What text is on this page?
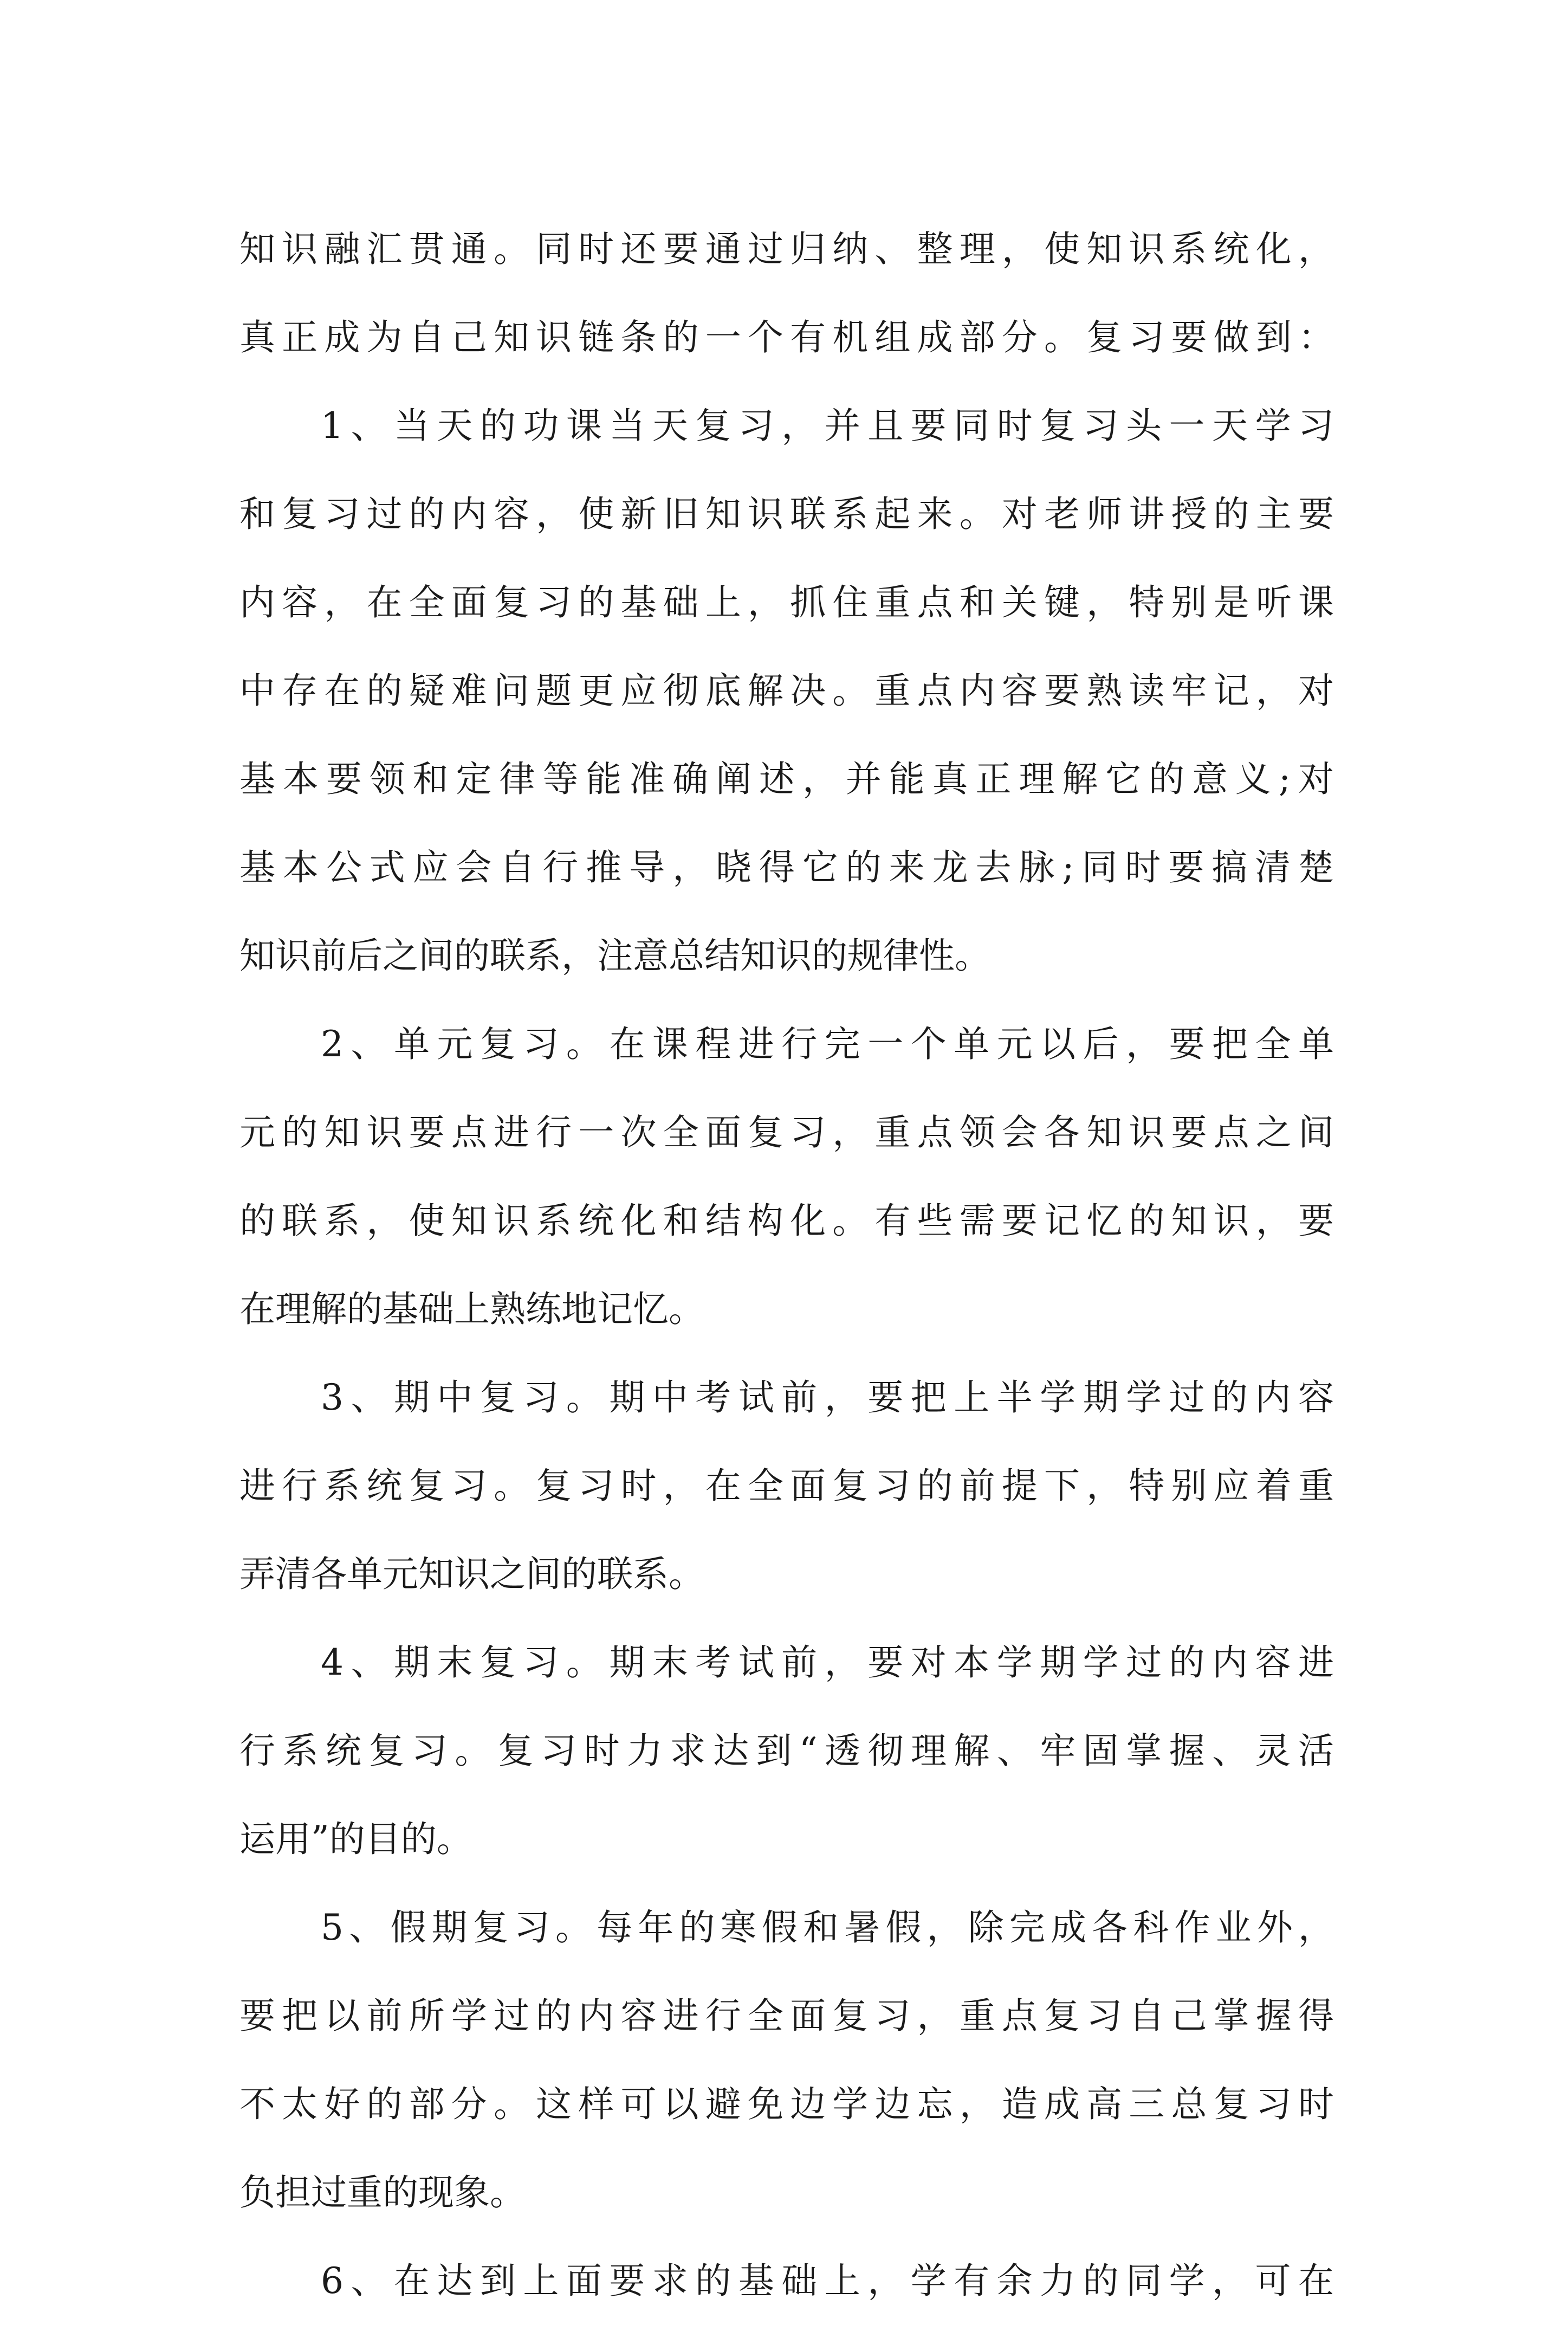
知识融汇贯通。同时还要通过归纳、整理，使知识系统化，
真正成为自己知识链条的一个有机组成部分。复习要做到：
1、当天的功课当天复习，并且要同时复习头一天学习
和复习过的内容，使新旧知识联系起来。对老师讲授的主要
内容，在全面复习的基础上，抓住重点和关键，特别是听课
中存在的疑难问题更应彻底解决。重点内容要熟读牢记，对
基本要领和定律等能准确阐述，并能真正理解它的意义;对
基本公式应会自行推导，晓得它的来龙去脉;同时要搞清楚
知识前后之间的联系，注意总结知识的规律性。
2、单元复习。在课程进行完一个单元以后，要把全单
元的知识要点进行一次全面复习，重点领会各知识要点之间
的联系，使知识系统化和结构化。有些需要记忆的知识，要
在理解的基础上熟练地记忆。
3、期中复习。期中考试前，要把上半学期学过的内容
进行系统复习。复习时，在全面复习的前提下，特别应着重
弄清各单元知识之间的联系。
4、期末复习。期末考试前，要对本学期学过的内容进
行系统复习。复习时力求达到“透彻理解、牢固掌握、灵活
运用”的目的。
5、假期复习。每年的寒假和暑假，除完成各科作业外，
要把以前所学过的内容进行全面复习，重点复习自己掌握得
不太好的部分。这样可以避免边学边忘，造成高三总复习时
负担过重的现象。
6、在达到上面要求的基础上，学有余力的同学，可在
